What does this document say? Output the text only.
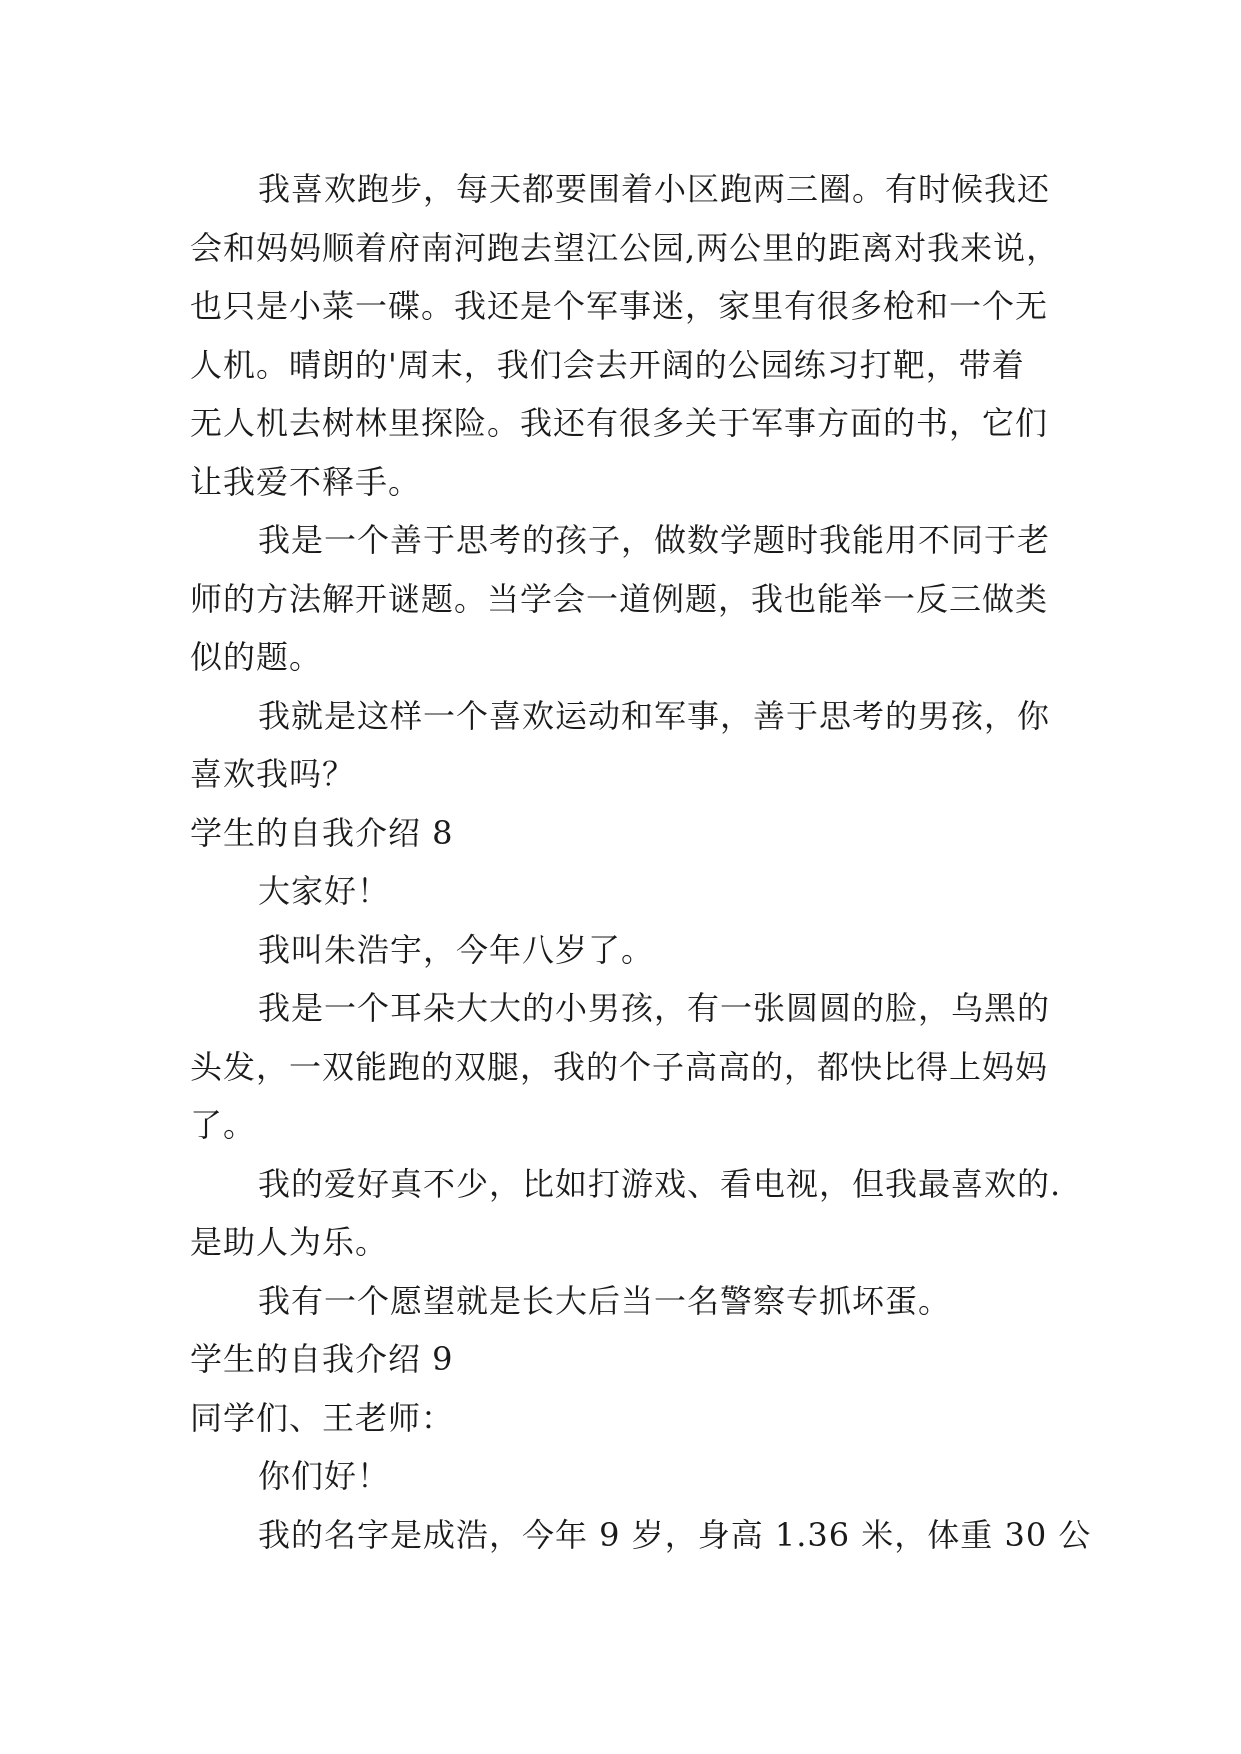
我喜欢跑步，每天都要围着小区跑两三圈。有时候我还
会和妈妈顺着府南河跑去望江公园,两公里的距离对我来说，
也只是小菜一碟。我还是个军事迷，家里有很多枪和一个无
人机。晴朗的'周末，我们会去开阔的公园练习打靶，带着
无人机去树林里探险。我还有很多关于军事方面的书，它们
让我爱不释手。
我是一个善于思考的孩子，做数学题时我能用不同于老
师的方法解开谜题。当学会一道例题，我也能举一反三做类
似的题。
我就是这样一个喜欢运动和军事，善于思考的男孩，你
喜欢我吗？
学生的自我介绍 8
大家好！
我叫朱浩宇，今年八岁了。
我是一个耳朵大大的小男孩，有一张圆圆的脸，乌黑的
头发，一双能跑的双腿，我的个子高高的，都快比得上妈妈
了。
我的爱好真不少，比如打游戏、看电视，但我最喜欢的.
是助人为乐。
我有一个愿望就是长大后当一名警察专抓坏蛋。
学生的自我介绍 9
同学们、王老师：
你们好！
我的名字是成浩，今年 9 岁，身高 1.36 米，体重 30 公
